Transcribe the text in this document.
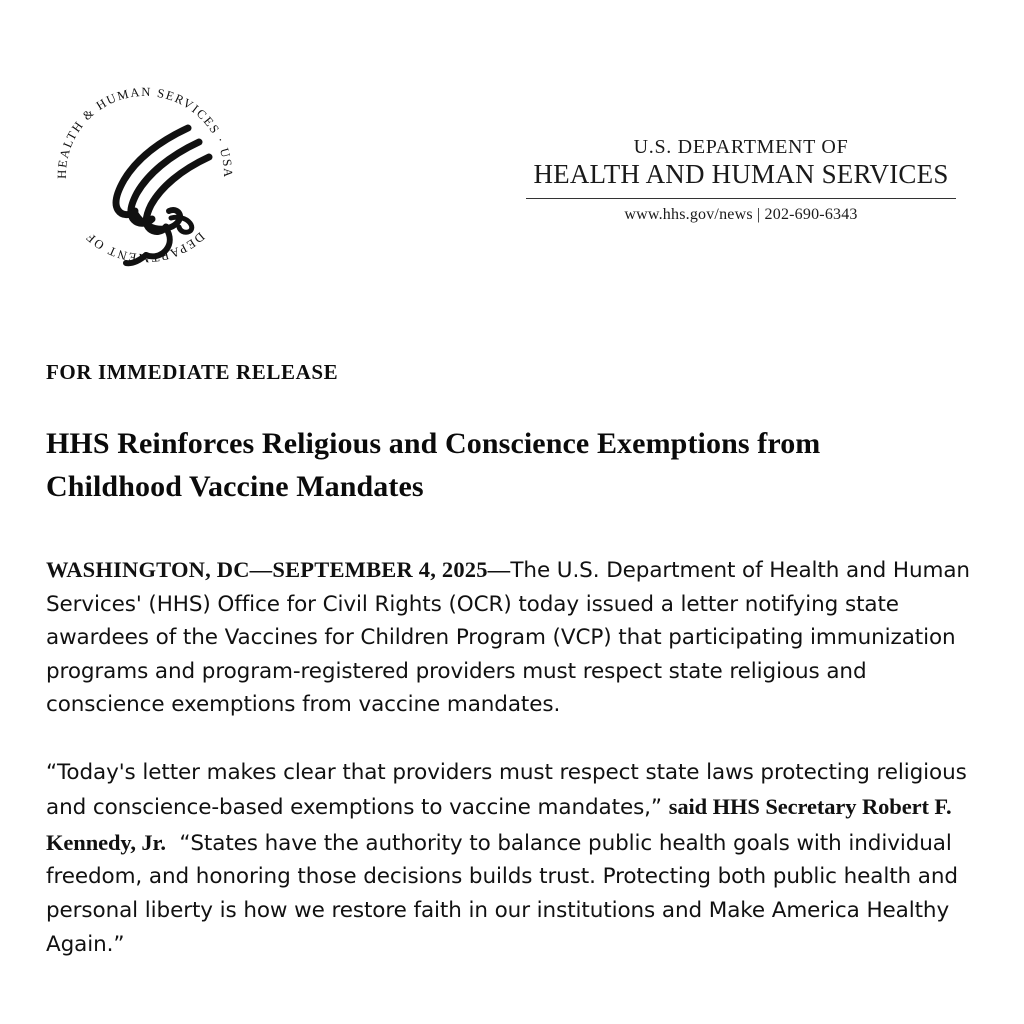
HEALTH & HUMAN SERVICES · USA
DEPARTMENT OF
U.S. DEPARTMENT OF
HEALTH AND HUMAN SERVICES
www.hhs.gov/news | 202-690-6343
FOR IMMEDIATE RELEASE
HHS Reinforces Religious and Conscience Exemptions from Childhood Vaccine Mandates

WASHINGTON, DC—SEPTEMBER 4, 2025—The U.S. Department of Health and Human Services' (HHS) Office for Civil Rights (OCR) today issued a letter notifying state awardees of the Vaccines for Children Program (VCP) that participating immunization programs and program-registered providers must respect state religious and conscience exemptions from vaccine mandates.

“Today's letter makes clear that providers must respect state laws protecting religious and conscience-based exemptions to vaccine mandates,” said HHS Secretary Robert F. Kennedy, Jr. “States have the authority to balance public health goals with individual freedom, and honoring those decisions builds trust. Protecting both public health and personal liberty is how we restore faith in our institutions and Make America Healthy Again.”
